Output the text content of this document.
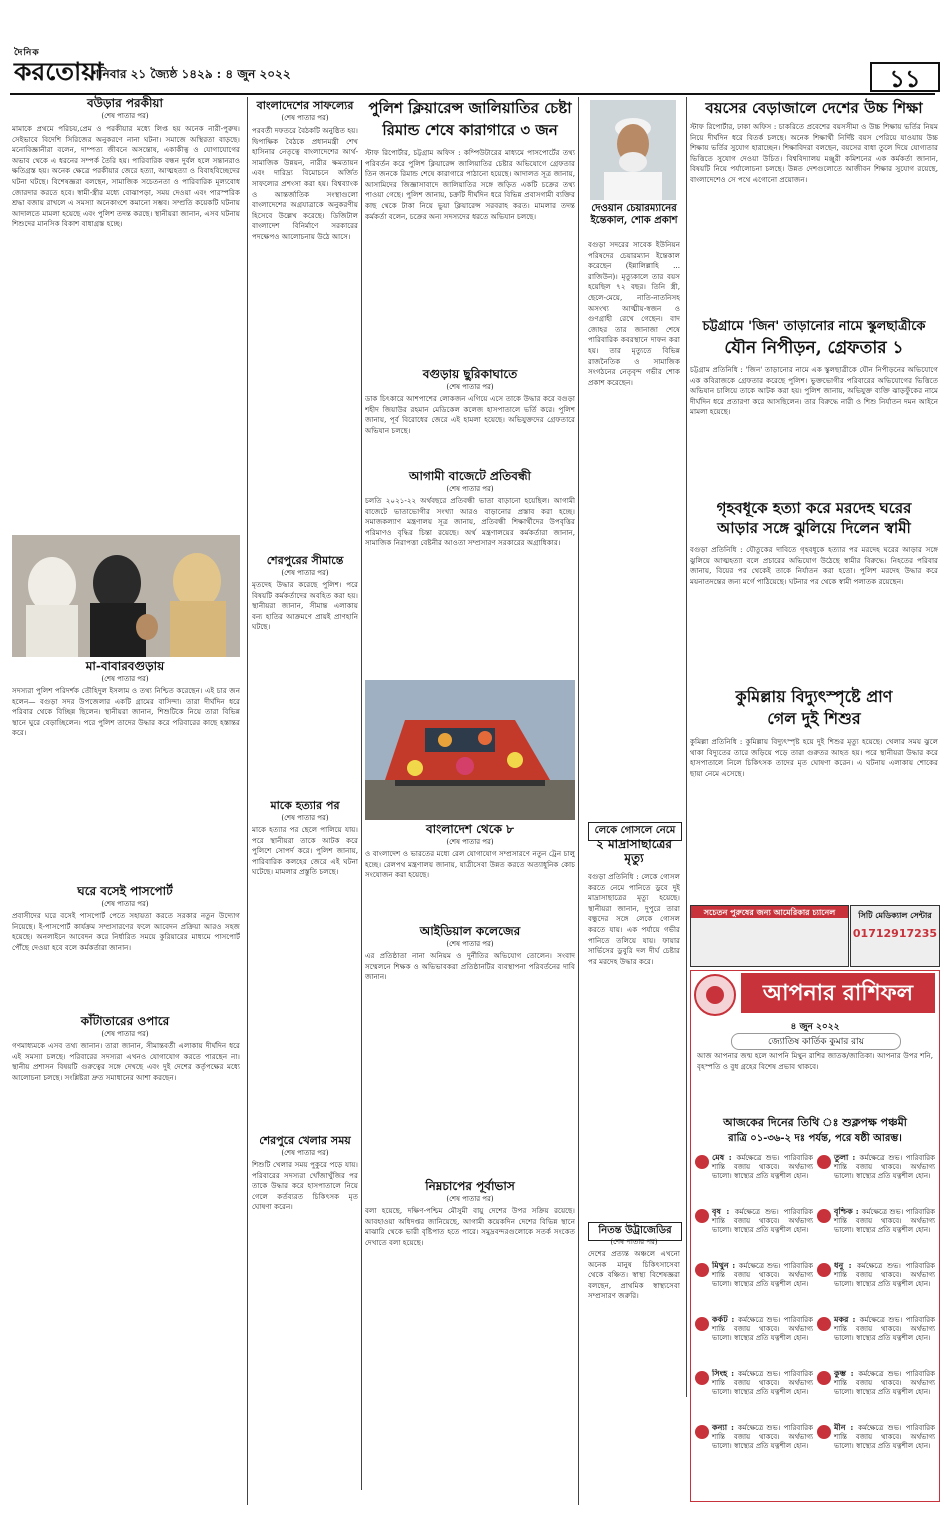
দৈনিক
করতোয়া
শনিবার ২১ জ্যৈষ্ঠ ১৪২৯ : ৪ জুন ২০২২	১১
বউড়ার পরকীয়া
(শেষ পাতার পর)
মামাকে প্রথমে পরিচয়,প্রেম ও পরকীয়ার মধ্যে লিপ্ত হয় অনেক নারী-পুরুষ। সেইভাবে বিদেশি সিরিজের অনুকরণে নানা ঘটনা। সমাজে অস্থিরতা বাড়ছে। মনোবিজ্ঞানীরা বলেন, দাম্পত্য জীবনে অসন্তোষ, একাকীত্ব ও যোগাযোগের অভাব থেকে এ ধরনের সম্পর্ক তৈরি হয়। পারিবারিক বন্ধন দুর্বল হলে সন্তানরাও ক্ষতিগ্রস্ত হয়। অনেক ক্ষেত্রে পরকীয়ার জেরে হত্যা, আত্মহত্যা ও বিবাহবিচ্ছেদের ঘটনা ঘটছে। বিশেষজ্ঞরা বলছেন, সামাজিক সচেতনতা ও পারিবারিক মূল্যবোধ জোরদার করতে হবে। স্বামী-স্ত্রীর মধ্যে বোঝাপড়া, সময় দেওয়া এবং পারস্পরিক শ্রদ্ধা বজায় রাখলে এ সমস্যা অনেকাংশে কমানো সম্ভব। সম্প্রতি কয়েকটি ঘটনায় আদালতে মামলা হয়েছে এবং পুলিশ তদন্ত করছে। স্থানীয়রা জানান, এসব ঘটনায় শিশুদের মানসিক বিকাশ বাধাগ্রস্ত হচ্ছে।
মা-বাবারবগুড়ায়
(শেষ পাতার পর)
সদস্যরা পুলিশ পরিদর্শক তৌহিদুল ইসলাম ও তথ্য নিশ্চিত করেছেন। এই চার জন হলেন— বগুড়া সদর উপজেলার একটি গ্রামের বাসিন্দা। তারা দীর্ঘদিন ধরে পরিবার থেকে বিচ্ছিন্ন ছিলেন। স্থানীয়রা জানান, শিশুটিকে নিয়ে তারা বিভিন্ন স্থানে ঘুরে বেড়াচ্ছিলেন। পরে পুলিশ তাদের উদ্ধার করে পরিবারের কাছে হস্তান্তর করে।
ঘরে বসেই পাসপোর্ট
(শেষ পাতার পর)
প্রবাসীদের ঘরে বসেই পাসপোর্ট পেতে সহায়তা করতে সরকার নতুন উদ্যোগ নিয়েছে। ই-পাসপোর্ট কার্যক্রম সম্প্রসারণের ফলে আবেদন প্রক্রিয়া আরও সহজ হয়েছে। অনলাইনে আবেদন করে নির্ধারিত সময়ে কুরিয়ারের মাধ্যমে পাসপোর্ট পৌঁছে দেওয়া হবে বলে কর্মকর্তারা জানান।
কাঁটাতারের ওপারে
(শেষ পাতার পর)
গণমাধ্যমকে এসব তথ্য জানান। তারা জানান, সীমান্তবর্তী এলাকায় দীর্ঘদিন ধরে এই সমস্যা চলছে। পরিবারের সদস্যরা এখনও যোগাযোগ করতে পারছেন না। স্থানীয় প্রশাসন বিষয়টি গুরুত্বের সঙ্গে দেখছে এবং দুই দেশের কর্তৃপক্ষের মধ্যে আলোচনা চলছে। সংশ্লিষ্টরা দ্রুত সমাধানের আশা করছেন।
বাংলাদেশের সাফল্যের
(শেষ পাতার পর)
পরবর্তী দফতরে বৈঠকটি অনুষ্ঠিত হয়। দ্বিপাক্ষিক বৈঠকে প্রধানমন্ত্রী শেখ হাসিনার নেতৃত্বে বাংলাদেশের আর্থ-সামাজিক উন্নয়ন, নারীর ক্ষমতায়ন এবং দারিদ্র্য বিমোচনে অর্জিত সাফল্যের প্রশংসা করা হয়। বিশ্বব্যাংক ও আন্তর্জাতিক সংস্থাগুলো বাংলাদেশের অগ্রযাত্রাকে অনুকরণীয় হিসেবে উল্লেখ করেছে। ডিজিটাল বাংলাদেশ বিনির্মাণে সরকারের পদক্ষেপও আলোচনায় উঠে আসে।
শেরপুরের সীমান্তে
(শেষ পাতার পর)
মৃতদেহ উদ্ধার করেছে পুলিশ। পরে বিষয়টি কর্মকর্তাদের অবহিত করা হয়। স্থানীয়রা জানান, সীমান্ত এলাকায় বন্য হাতির আক্রমণে প্রায়ই প্রাণহানি ঘটছে।
মাকে হত্যার পর
(শেষ পাতার পর)
মাকে হত্যার পর ছেলে পালিয়ে যায়। পরে স্থানীয়রা তাকে আটক করে পুলিশে সোপর্দ করে। পুলিশ জানায়, পারিবারিক কলহের জেরে এই ঘটনা ঘটেছে। মামলার প্রস্তুতি চলছে।
শেরপুরে খেলার সময়
(শেষ পাতার পর)
শিশুটি খেলার সময় পুকুরে পড়ে যায়। পরিবারের সদস্যরা খোঁজাখুঁজির পর তাকে উদ্ধার করে হাসপাতালে নিয়ে গেলে কর্তব্যরত চিকিৎসক মৃত ঘোষণা করেন।
পুলিশ ক্লিয়ারেন্স জালিয়াতির চেষ্টা
রিমান্ড শেষে কারাগারে ৩ জন
স্টাফ রিপোর্টার, চট্টগ্রাম অফিস : কম্পিউটারের মাধ্যমে পাসপোর্টের তথ্য পরিবর্তন করে পুলিশ ক্লিয়ারেন্স জালিয়াতির চেষ্টার অভিযোগে গ্রেফতার তিন জনকে রিমান্ড শেষে কারাগারে পাঠানো হয়েছে। আদালত সূত্র জানায়, আসামিদের জিজ্ঞাসাবাদে জালিয়াতির সঙ্গে জড়িত একটি চক্রের তথ্য পাওয়া গেছে। পুলিশ জানায়, চক্রটি দীর্ঘদিন ধরে বিভিন্ন প্রবাসগামী ব্যক্তির কাছ থেকে টাকা নিয়ে ভুয়া ক্লিয়ারেন্স সরবরাহ করত। মামলার তদন্ত কর্মকর্তা বলেন, চক্রের অন্য সদস্যদের ধরতে অভিযান চলছে।
বগুড়ায় ছুরিকাঘাতে
(শেষ পাতার পর)
ডাক চিৎকারে আশপাশের লোকজন এগিয়ে এসে তাকে উদ্ধার করে বগুড়া শহীদ জিয়াউর রহমান মেডিকেল কলেজ হাসপাতালে ভর্তি করে। পুলিশ জানায়, পূর্ব বিরোধের জেরে এই হামলা হয়েছে। অভিযুক্তদের গ্রেফতারে অভিযান চলছে।
আগামী বাজেটে প্রতিবন্ধী
(শেষ পাতার পর)
চলতি ২০২১-২২ অর্থবছরে প্রতিবন্ধী ভাতা বাড়ানো হয়েছিল। আগামী বাজেটে ভাতাভোগীর সংখ্যা আরও বাড়ানোর প্রস্তাব করা হচ্ছে। সমাজকল্যাণ মন্ত্রণালয় সূত্র জানায়, প্রতিবন্ধী শিক্ষার্থীদের উপবৃত্তির পরিমাণও বৃদ্ধির চিন্তা রয়েছে। অর্থ মন্ত্রণালয়ের কর্মকর্তারা জানান, সামাজিক নিরাপত্তা বেষ্টনীর আওতা সম্প্রসারণ সরকারের অগ্রাধিকার।
বাংলাদেশ থেকে ৮
(শেষ পাতার পর)
ও বাংলাদেশ ও ভারতের মধ্যে রেল যোগাযোগ সম্প্রসারণে নতুন ট্রেন চালু হচ্ছে। রেলপথ মন্ত্রণালয় জানায়, যাত্রীসেবা উন্নত করতে অত্যাধুনিক কোচ সংযোজন করা হয়েছে।
আইডিয়াল কলেজের
(শেষ পাতার পর)
এর প্রতিষ্ঠাতা নানা অনিয়ম ও দুর্নীতির অভিযোগ তোলেন। সংবাদ সম্মেলনে শিক্ষক ও অভিভাবকরা প্রতিষ্ঠানটির ব্যবস্থাপনা পরিবর্তনের দাবি জানান।
নিম্নচাপের পূর্বাভাস
(শেষ পাতার পর)
বলা হয়েছে, দক্ষিণ-পশ্চিম মৌসুমী বায়ু দেশের উপর সক্রিয় রয়েছে। আবহাওয়া অধিদপ্তর জানিয়েছে, আগামী কয়েকদিন দেশের বিভিন্ন স্থানে মাঝারি থেকে ভারী বৃষ্টিপাত হতে পারে। সমুদ্রবন্দরগুলোকে সতর্ক সংকেত দেখাতে বলা হয়েছে।
দেওয়ান চেয়ারম্যানের ইন্তেকাল, শোক প্রকাশ
বগুড়া সদরের সাবেক ইউনিয়ন পরিষদের চেয়ারম্যান ইন্তেকাল করেছেন (ইন্নালিল্লাহি ... রাজিউন)। মৃত্যুকালে তার বয়স হয়েছিল ৭২ বছর। তিনি স্ত্রী, ছেলে-মেয়ে, নাতি-নাতনিসহ অসংখ্য আত্মীয়-স্বজন ও গুণগ্রাহী রেখে গেছেন। বাদ জোহর তার জানাজা শেষে পারিবারিক কবরস্থানে দাফন করা হয়। তার মৃত্যুতে বিভিন্ন রাজনৈতিক ও সামাজিক সংগঠনের নেতৃবৃন্দ গভীর শোক প্রকাশ করেছেন।
লেকে গোসলে নেমে
২ মাদ্রাসাছাত্রের মৃত্যু
বগুড়া প্রতিনিধি : লেকে গোসল করতে নেমে পানিতে ডুবে দুই মাদ্রাসাছাত্রের মৃত্যু হয়েছে। স্থানীয়রা জানান, দুপুরে তারা বন্ধুদের সঙ্গে লেকে গোসল করতে যায়। এক পর্যায়ে গভীর পানিতে তলিয়ে যায়। ফায়ার সার্ভিসের ডুবুরি দল দীর্ঘ চেষ্টার পর মরদেহ উদ্ধার করে।
নিতন্ত উট্রাজেডির
(শেষ পাতার পর)
দেশের প্রত্যন্ত অঞ্চলে এখনো অনেক মানুষ চিকিৎসাসেবা থেকে বঞ্চিত। স্বাস্থ্য বিশেষজ্ঞরা বলছেন, প্রাথমিক স্বাস্থ্যসেবা সম্প্রসারণ জরুরি।
বয়সের বেড়াজালে দেশের উচ্চ শিক্ষা
স্টাফ রিপোর্টার, ঢাকা অফিস : চাকরিতে প্রবেশের বয়সসীমা ও উচ্চ শিক্ষায় ভর্তির নিয়ম নিয়ে দীর্ঘদিন ধরে বিতর্ক চলছে। অনেক শিক্ষার্থী নির্দিষ্ট বয়স পেরিয়ে যাওয়ায় উচ্চ শিক্ষায় ভর্তির সুযোগ হারাচ্ছেন। শিক্ষাবিদরা বলছেন, বয়সের বাধা তুলে দিয়ে যোগ্যতার ভিত্তিতে সুযোগ দেওয়া উচিত। বিশ্ববিদ্যালয় মঞ্জুরী কমিশনের এক কর্মকর্তা জানান, বিষয়টি নিয়ে পর্যালোচনা চলছে। উন্নত দেশগুলোতে আজীবন শিক্ষার সুযোগ রয়েছে, বাংলাদেশেও সে পথে এগোনো প্রয়োজন।
চট্টগ্রামে 'জিন' তাড়ানোর নামে স্কুলছাত্রীকে
যৌন নিপীড়ন, গ্রেফতার ১
চট্টগ্রাম প্রতিনিধি : 'জিন' তাড়ানোর নামে এক স্কুলছাত্রীকে যৌন নিপীড়নের অভিযোগে এক কবিরাজকে গ্রেফতার করেছে পুলিশ। ভুক্তভোগীর পরিবারের অভিযোগের ভিত্তিতে অভিযান চালিয়ে তাকে আটক করা হয়। পুলিশ জানায়, অভিযুক্ত ব্যক্তি ঝাড়ফুঁকের নামে দীর্ঘদিন ধরে প্রতারণা করে আসছিলেন। তার বিরুদ্ধে নারী ও শিশু নির্যাতন দমন আইনে মামলা হয়েছে।
গৃহবধূকে হত্যা করে মরদেহ ঘরের
আড়ার সঙ্গে ঝুলিয়ে দিলেন স্বামী
বগুড়া প্রতিনিধি : যৌতুকের দাবিতে গৃহবধূকে হত্যার পর মরদেহ ঘরের আড়ার সঙ্গে ঝুলিয়ে আত্মহত্যা বলে প্রচারের অভিযোগ উঠেছে স্বামীর বিরুদ্ধে। নিহতের পরিবার জানায়, বিয়ের পর থেকেই তাকে নির্যাতন করা হতো। পুলিশ মরদেহ উদ্ধার করে ময়নাতদন্তের জন্য মর্গে পাঠিয়েছে। ঘটনার পর থেকে স্বামী পলাতক রয়েছেন।
কুমিল্লায় বিদ্যুৎস্পৃষ্টে প্রাণ
গেল দুই শিশুর
কুমিল্লা প্রতিনিধি : কুমিল্লায় বিদ্যুৎস্পৃষ্ট হয়ে দুই শিশুর মৃত্যু হয়েছে। খেলার সময় ঝুলে থাকা বিদ্যুতের তারে জড়িয়ে পড়ে তারা গুরুতর আহত হয়। পরে স্থানীয়রা উদ্ধার করে হাসপাতালে নিলে চিকিৎসক তাদের মৃত ঘোষণা করেন। এ ঘটনায় এলাকায় শোকের ছায়া নেমে এসেছে।
সচেতন পুরুষের জন্য আমেরিকার চ্যানেল	সিটি মেডিক্যাল সেন্টার
01712917235
আপনার রাশিফল
৪ জুন ২০২২
জ্যোতিষ কার্তিক কুমার রায়
আজ আপনার জন্ম হলে আপনি মিথুন রাশির জাতক/জাতিকা। আপনার উপর শনি, বৃহস্পতি ও বুধ গ্রহের বিশেষ প্রভাব থাকবে।
আজকের দিনের তিথি ঃ শুক্লপক্ষ পঞ্চমী
রাত্রি ০১-৩৬-২ দঃ পর্যন্ত, পরে ষষ্ঠী আরম্ভ।
মেষ : কর্মক্ষেত্রে শুভ। পারিবারিক শান্তি বজায় থাকবে। অর্থভাগ্য ভালো। স্বাস্থ্যের প্রতি যত্নশীল হোন।
বৃষ : কর্মক্ষেত্রে শুভ। পারিবারিক শান্তি বজায় থাকবে। অর্থভাগ্য ভালো। স্বাস্থ্যের প্রতি যত্নশীল হোন।
মিথুন : কর্মক্ষেত্রে শুভ। পারিবারিক শান্তি বজায় থাকবে। অর্থভাগ্য ভালো। স্বাস্থ্যের প্রতি যত্নশীল হোন।
কর্কট : কর্মক্ষেত্রে শুভ। পারিবারিক শান্তি বজায় থাকবে। অর্থভাগ্য ভালো। স্বাস্থ্যের প্রতি যত্নশীল হোন।
সিংহ : কর্মক্ষেত্রে শুভ। পারিবারিক শান্তি বজায় থাকবে। অর্থভাগ্য ভালো। স্বাস্থ্যের প্রতি যত্নশীল হোন।
কন্যা : কর্মক্ষেত্রে শুভ। পারিবারিক শান্তি বজায় থাকবে। অর্থভাগ্য ভালো। স্বাস্থ্যের প্রতি যত্নশীল হোন।
তুলা : কর্মক্ষেত্রে শুভ। পারিবারিক শান্তি বজায় থাকবে। অর্থভাগ্য ভালো। স্বাস্থ্যের প্রতি যত্নশীল হোন।
বৃশ্চিক : কর্মক্ষেত্রে শুভ। পারিবারিক শান্তি বজায় থাকবে। অর্থভাগ্য ভালো। স্বাস্থ্যের প্রতি যত্নশীল হোন।
ধনু : কর্মক্ষেত্রে শুভ। পারিবারিক শান্তি বজায় থাকবে। অর্থভাগ্য ভালো। স্বাস্থ্যের প্রতি যত্নশীল হোন।
মকর : কর্মক্ষেত্রে শুভ। পারিবারিক শান্তি বজায় থাকবে। অর্থভাগ্য ভালো। স্বাস্থ্যের প্রতি যত্নশীল হোন।
কুম্ভ : কর্মক্ষেত্রে শুভ। পারিবারিক শান্তি বজায় থাকবে। অর্থভাগ্য ভালো। স্বাস্থ্যের প্রতি যত্নশীল হোন।
মীন : কর্মক্ষেত্রে শুভ। পারিবারিক শান্তি বজায় থাকবে। অর্থভাগ্য ভালো। স্বাস্থ্যের প্রতি যত্নশীল হোন।
